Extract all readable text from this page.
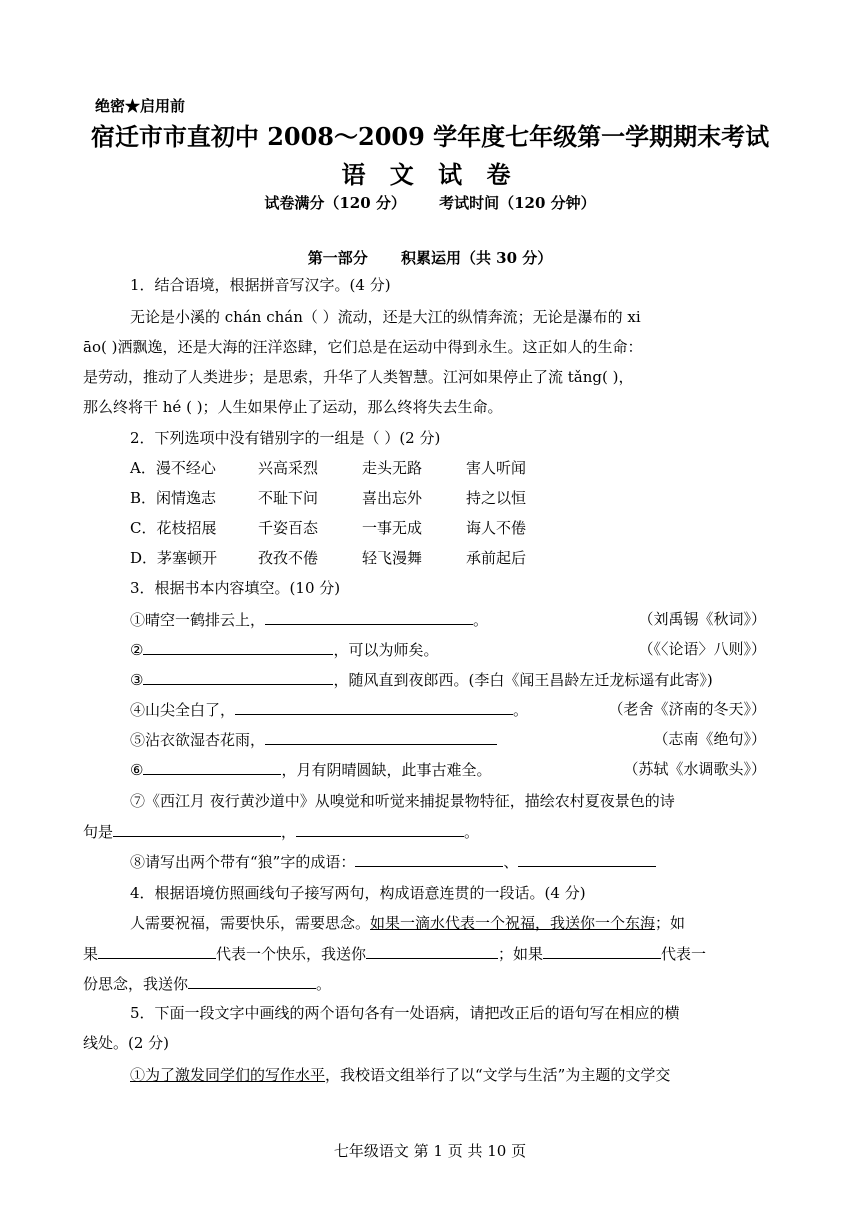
绝密★启用前
宿迁市市直初中 2008～2009 学年度七年级第一学期期末考试
语 文 试 卷
试卷满分（120 分） 考试时间（120 分钟）
第一部分 积累运用（共 30 分）
1．结合语境，根据拼音写汉字。(4 分)
无论是小溪的 chán chán（ ）流动，还是大江的纵情奔流；无论是瀑布的 xi
āo( )洒飘逸，还是大海的汪洋恣肆，它们总是在运动中得到永生。这正如人的生命：
是劳动，推动了人类进步；是思索，升华了人类智慧。江河如果停止了流 tǎng( )，
那么终将干 hé ( )；人生如果停止了运动，那么终将失去生命。
2．下列选项中没有错别字的一组是（ ）(2 分)
A．漫不经心	兴高采烈	走头无路	害人听闻
B．闲情逸志	不耻下问	喜出忘外	持之以恒
C．花枝招展	千姿百态	一事无成	诲人不倦
D．茅塞顿开	孜孜不倦	轻飞漫舞	承前起后
3．根据书本内容填空。(10 分)
①晴空一鹤排云上，	。	（刘禹锡《秋词》）
②	，可以为师矣。	（《〈论语〉八则》）
③	，随风直到夜郎西。(李白《闻王昌龄左迁龙标遥有此寄》)
④山尖全白了，	。	（老舍《济南的冬天》）
⑤沾衣欲湿杏花雨，	（志南《绝句》）
⑥	，月有阴晴圆缺，此事古难全。	（苏轼《水调歌头》）
⑦《西江月 夜行黄沙道中》从嗅觉和听觉来捕捉景物特征，描绘农村夏夜景色的诗
句是	，	。
⑧请写出两个带有“狼”字的成语：	、
4．根据语境仿照画线句子接写两句，构成语意连贯的一段话。(4 分)
人需要祝福，需要快乐，需要思念。如果一滴水代表一个祝福，我送你一个东海；如
果	代表一个快乐，我送你	；如果	代表一
份思念，我送你	。
5．下面一段文字中画线的两个语句各有一处语病，请把改正后的语句写在相应的横
线处。(2 分)
①为了激发同学们的写作水平，我校语文组举行了以“文学与生活”为主题的文学交
七年级语文 第 1 页 共 10 页
